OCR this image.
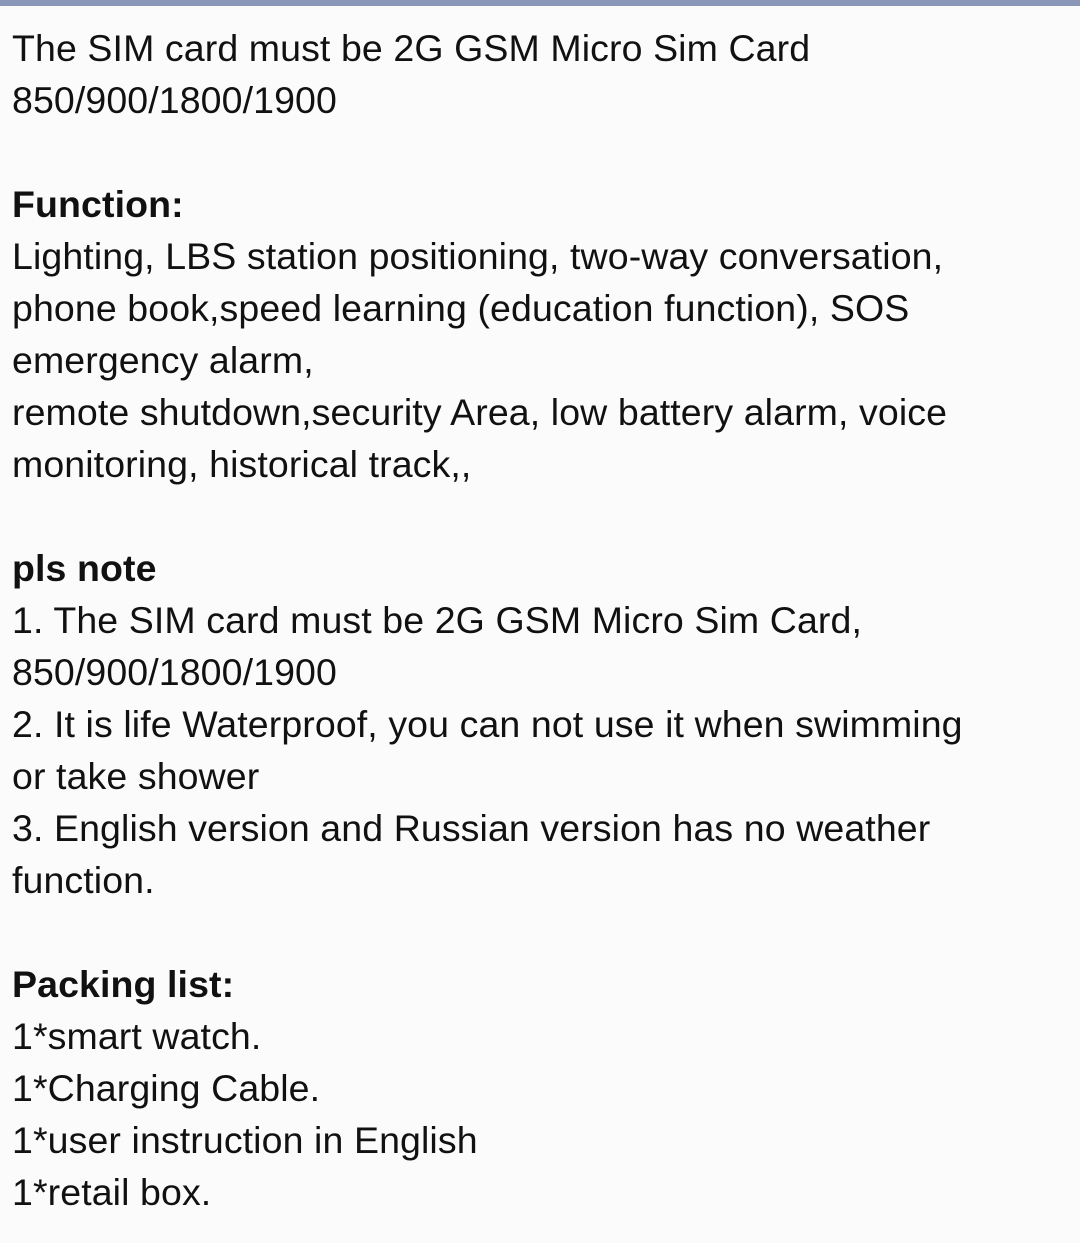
The SIM card must be 2G GSM Micro Sim Card
850/900/1800/1900
Function:
Lighting, LBS station positioning, two-way conversation,
phone book,speed learning (education function), SOS
emergency alarm,
remote shutdown,security Area, low battery alarm, voice
monitoring, historical track,,
pls note
1. The SIM card must be 2G GSM Micro Sim Card,
850/900/1800/1900
2. It is life Waterproof, you can not use it when swimming
or take shower
3. English version and Russian version has no weather
function.
Packing list:
1*smart watch.
1*Charging Cable.
1*user instruction in English
1*retail box.
